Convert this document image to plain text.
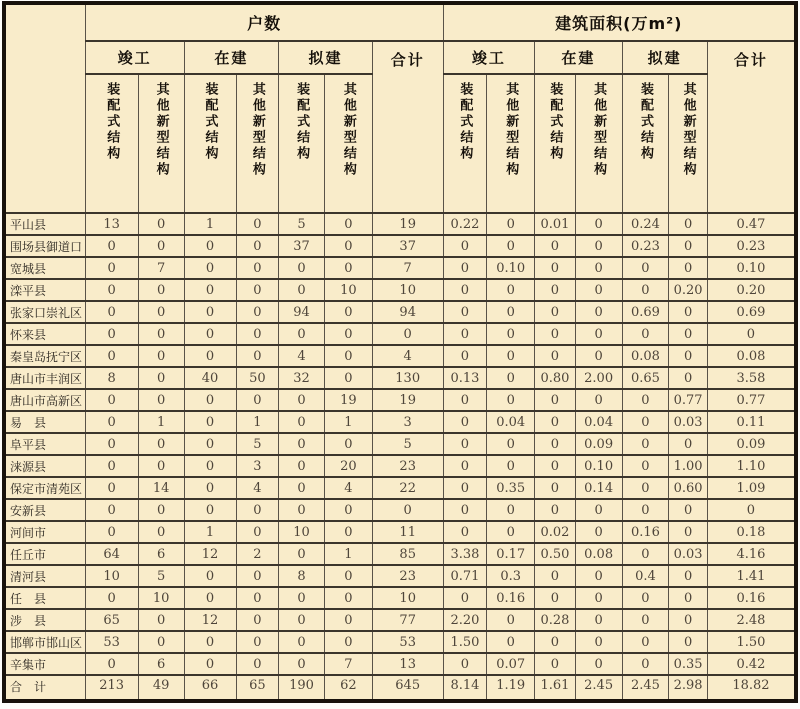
	户数							建筑面积(万m²)						
	竣工		在建		拟建		合计	竣工		在建		拟建		合计
	装配式结构	其他新型结构	装配式结构	其他新型结构	装配式结构	其他新型结构		装配式结构	其他新型结构	装配式结构	其他新型结构	装配式结构	其他新型结构	
平山县	13	0	1	0	5	0	19	0.22	0	0.01	0	0.24	0	0.47
围场县御道口	0	0	0	0	37	0	37	0	0	0	0	0.23	0	0.23
宽城县	0	7	0	0	0	0	7	0	0.10	0	0	0	0	0.10
滦平县	0	0	0	0	0	10	10	0	0	0	0	0	0.20	0.20
张家口崇礼区	0	0	0	0	94	0	94	0	0	0	0	0.69	0	0.69
怀来县	0	0	0	0	0	0	0	0	0	0	0	0	0	0
秦皇岛抚宁区	0	0	0	0	4	0	4	0	0	0	0	0.08	0	0.08
唐山市丰润区	8	0	40	50	32	0	130	0.13	0	0.80	2.00	0.65	0	3.58
唐山市高新区	0	0	0	0	0	19	19	0	0	0	0	0	0.77	0.77
易　县	0	1	0	1	0	1	3	0	0.04	0	0.04	0	0.03	0.11
阜平县	0	0	0	5	0	0	5	0	0	0	0.09	0	0	0.09
涞源县	0	0	0	3	0	20	23	0	0	0	0.10	0	1.00	1.10
保定市清苑区	0	14	0	4	0	4	22	0	0.35	0	0.14	0	0.60	1.09
安新县	0	0	0	0	0	0	0	0	0	0	0	0	0	0
河间市	0	0	1	0	10	0	11	0	0	0.02	0	0.16	0	0.18
任丘市	64	6	12	2	0	1	85	3.38	0.17	0.50	0.08	0	0.03	4.16
清河县	10	5	0	0	8	0	23	0.71	0.3	0	0	0.4	0	1.41
任　县	0	10	0	0	0	0	10	0	0.16	0	0	0	0	0.16
涉　县	65	0	12	0	0	0	77	2.20	0	0.28	0	0	0	2.48
邯郸市邯山区	53	0	0	0	0	0	53	1.50	0	0	0	0	0	1.50
辛集市	0	6	0	0	0	7	13	0	0.07	0	0	0	0.35	0.42
合　计	213	49	66	65	190	62	645	8.14	1.19	1.61	2.45	2.45	2.98	18.82
